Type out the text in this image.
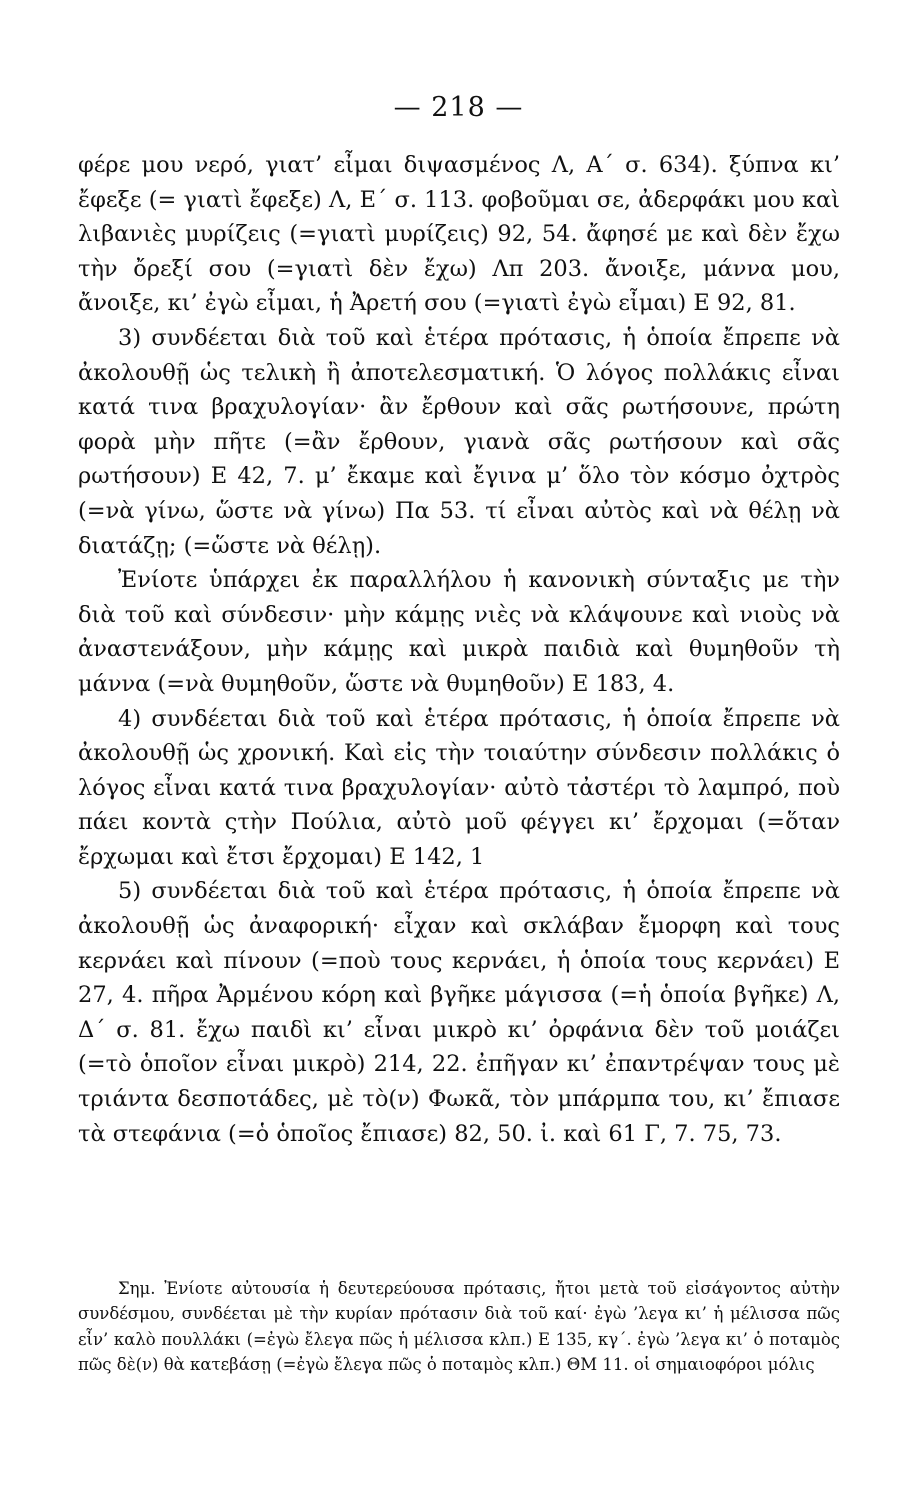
— 218 —

φέρε μου νερό, γιατ’ εἶμαι διψασμένος Λ, Α΄ σ. 634). ξύπνα κι’ ἔφεξε (= γιατὶ ἔφεξε) Λ, Ε΄ σ. 113. φοβοῦμαι σε, ἀδερφάκι μου καὶ λιβανιὲς μυρίζεις (=γιατὶ μυρίζεις) 92, 54. ἄφησέ με καὶ δὲν ἔχω τὴν ὄρεξί σου (=γιατὶ δὲν ἔχω) Λπ 203. ἄνοιξε, μάννα μου, ἄνοιξε, κι’ ἐγὼ εἶμαι, ἡ Ἀρετή σου (=γιατὶ ἐγὼ εἶμαι) Ε 92, 81.

3) συνδέεται διὰ τοῦ καὶ ἑτέρα πρότασις, ἡ ὁποία ἔπρεπε νὰ ἀκολουθῇ ὡς τελικὴ ἢ ἀποτελεσματική. Ὁ λόγος πολλάκις εἶναι κατά τινα βραχυλογίαν· ἂν ἔρθουν καὶ σᾶς ρωτήσουνε, πρώτη φορὰ μὴν πῆτε (=ἂν ἔρθουν, γιανὰ σᾶς ρωτήσουν καὶ σᾶς ρωτήσουν) Ε 42, 7. μ’ ἔκαμε καὶ ἔγινα μ’ ὅλο τὸν κόσμο ὀχτρὸς (=νὰ γίνω, ὥστε νὰ γίνω) Πα 53. τί εἶναι αὐτὸς καὶ νὰ θέλῃ νὰ διατάζῃ; (=ὥστε νὰ θέλῃ).

Ἐνίοτε ὑπάρχει ἐκ παραλλήλου ἡ κανονικὴ σύνταξις με τὴν διὰ τοῦ καὶ σύνδεσιν· μὴν κάμῃς νιὲς νὰ κλάψουνε καὶ νιοὺς νὰ ἀναστενάξουν, μὴν κάμῃς καὶ μικρὰ παιδιὰ καὶ θυμηθοῦν τὴ μάννα (=νὰ θυμηθοῦν, ὥστε νὰ θυμηθοῦν) Ε 183, 4.

4) συνδέεται διὰ τοῦ καὶ ἑτέρα πρότασις, ἡ ὁποία ἔπρεπε νὰ ἀκολουθῇ ὡς χρονική. Καὶ εἰς τὴν τοιαύτην σύνδεσιν πολλάκις ὁ λόγος εἶναι κατά τινα βραχυλογίαν· αὐτὸ τἀστέρι τὸ λαμπρό, ποὺ πάει κοντὰ ςτὴν Πούλια, αὐτὸ μοῦ φέγγει κι’ ἔρχομαι (=ὅταν ἔρχωμαι καὶ ἔτσι ἔρχομαι) Ε 142, 1

5) συνδέεται διὰ τοῦ καὶ ἑτέρα πρότασις, ἡ ὁποία ἔπρεπε νὰ ἀκολουθῇ ὡς ἀναφορική· εἶχαν καὶ σκλάβαν ἔμορφη καὶ τους κερνάει καὶ πίνουν (=ποὺ τους κερνάει, ἡ ὁποία τους κερνάει) Ε 27, 4. πῆρα Ἀρμένου κόρη καὶ βγῆκε μάγισσα (=ἡ ὁποία βγῆκε) Λ, Δ΄ σ. 81. ἔχω παιδὶ κι’ εἶναι μικρὸ κι’ ὀρφάνια δὲν τοῦ μοιάζει (=τὸ ὁποῖον εἶναι μικρὸ) 214, 22. ἐπῆγαν κι’ ἐπαντρέψαν τους μὲ τριάντα δεσποτάδες, μὲ τὸ(ν) Φωκᾶ, τὸν μπάρμπα του, κι’ ἔπιασε τὰ στεφάνια (=ὁ ὁποῖος ἔπιασε) 82, 50. ἰ. καὶ 61 Γ, 7. 75, 73.

Σημ. Ἐνίοτε αὐτουσία ἡ δευτερεύουσα πρότασις, ἤτοι μετὰ τοῦ εἰσάγοντος αὐτὴν συνδέσμου, συνδέεται μὲ τὴν κυρίαν πρότασιν διὰ τοῦ καί· ἐγὼ ’λεγα κι’ ἡ μέλισσα πῶς εἶν’ καλὸ πουλλάκι (=ἐγὼ ἔλεγα πῶς ἡ μέλισσα κλπ.) Ε 135, κγ΄. ἐγὼ ’λεγα κι’ ὁ ποταμὸς πῶς δὲ(ν) θὰ κατεβάσῃ (=ἐγὼ ἔλεγα πῶς ὁ ποταμὸς κλπ.) ΘΜ 11. οἱ σημαιοφόροι μόλις
